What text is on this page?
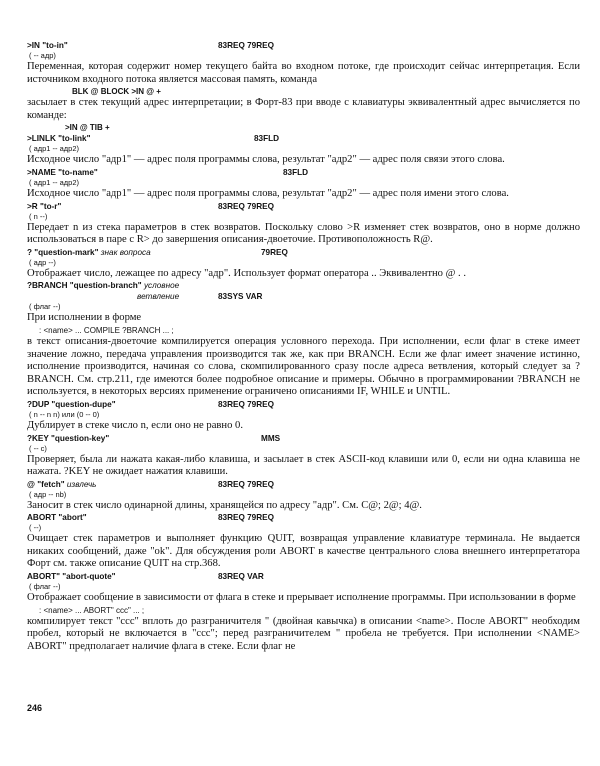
>IN "to-in"	83REQ 79REQ
( -- адр)

Переменная, которая содержит номер текущего байта во входном потоке, где происходит сейчас интерпретация. Если источником входного потока является массовая память, команда

BLK @ BLOCK >IN @ +

засылает в стек текущий адрес интерпретации; в Форт-83 при вводе с клавиатуры эквивалентный адрес вычисляется по команде:

>IN @ TIB +
>LINLK "to-link"	83FLD
( адр1 -- адр2)

Исходное число "адр1" — адрес поля программы слова, результат "адр2" — адрес поля связи этого слова.

>NAME "to-name"	83FLD
( адр1 -- адр2)

Исходное число "адр1" — адрес поля программы слова, результат "адр2" — адрес поля имени этого слова.

>R "to-r"	83REQ 79REQ
( n --)

Передает n из стека параметров в стек возвратов. Поскольку слово >R изменяет стек возвратов, оно в норме должно использоваться в паре с R> до завершения описания-двоеточие. Противоположность R@.

? "question-mark" знак вопроса	79REQ
( адр --)

Отображает число, лежащее по адресу "адр". Использует формат оператора .. Эквивалентно @ . .

?BRANCH "question-branch" условное
ветвление	83SYS VAR
( флаг --)

При исполнении в форме

: <name> ... COMPILE ?BRANCH ... ;

в текст описания-двоеточие компилируется операция условного перехода. При исполнении, если флаг в стеке имеет значение ложно, передача управления производится так же, как при BRANCH. Если же флаг имеет значение истинно, исполнение производится, начиная со слова, скомпилированного сразу после адреса ветвления, который следует за ?BRANCH. См. стр.211, где имеются более подробное описание и примеры. Обычно в программировании ?BRANCH не используется, в некоторых версиях применение ограничено описаниями IF, WHILE и UNTIL.

?DUP "question-dupe"	83REQ 79REQ
( n -- n n) или (0 -- 0)

Дублирует в стеке число n, если оно не равно 0.

?KEY "question-key"	MMS
( -- c)

Проверяет, была ли нажата какая-либо клавиша, и засылает в стек ASCII-код клавиши или 0, если ни одна клавиша не нажата. ?KEY не ожидает нажатия клавиши.

@ "fetch" извлечь	83REQ 79REQ
( адр -- nb)

Заносит в стек число одинарной длины, хранящейся по адресу "адр". См. C@; 2@; 4@.

ABORT "abort"	83REQ 79REQ
( --)

Очищает стек параметров и выполняет функцию QUIT, возвращая управление клавиатуре терминала. Не выдается никаких сообщений, даже "ok". Для обсуждения роли ABORT в качестве центрального слова внешнего интерпретатора Форт см. также описание QUIT на стр.368.

ABORT" "abort-quote"	83REQ VAR
( флаг --)

Отображает сообщение в зависимости от флага в стеке и прерывает исполнение программы. При использовании в форме

: <name> ... ABORT" ccc" ... ;

компилирует текст "ccc" вплоть до разграничителя " (двойная кавычка) в описании <name>. После ABORT" необходим пробел, который не включается в "ccc"; перед разграничителем " пробела не требуется. При исполнении <NAME> ABORT" предполагает наличие флага в стеке. Если флаг не

246
